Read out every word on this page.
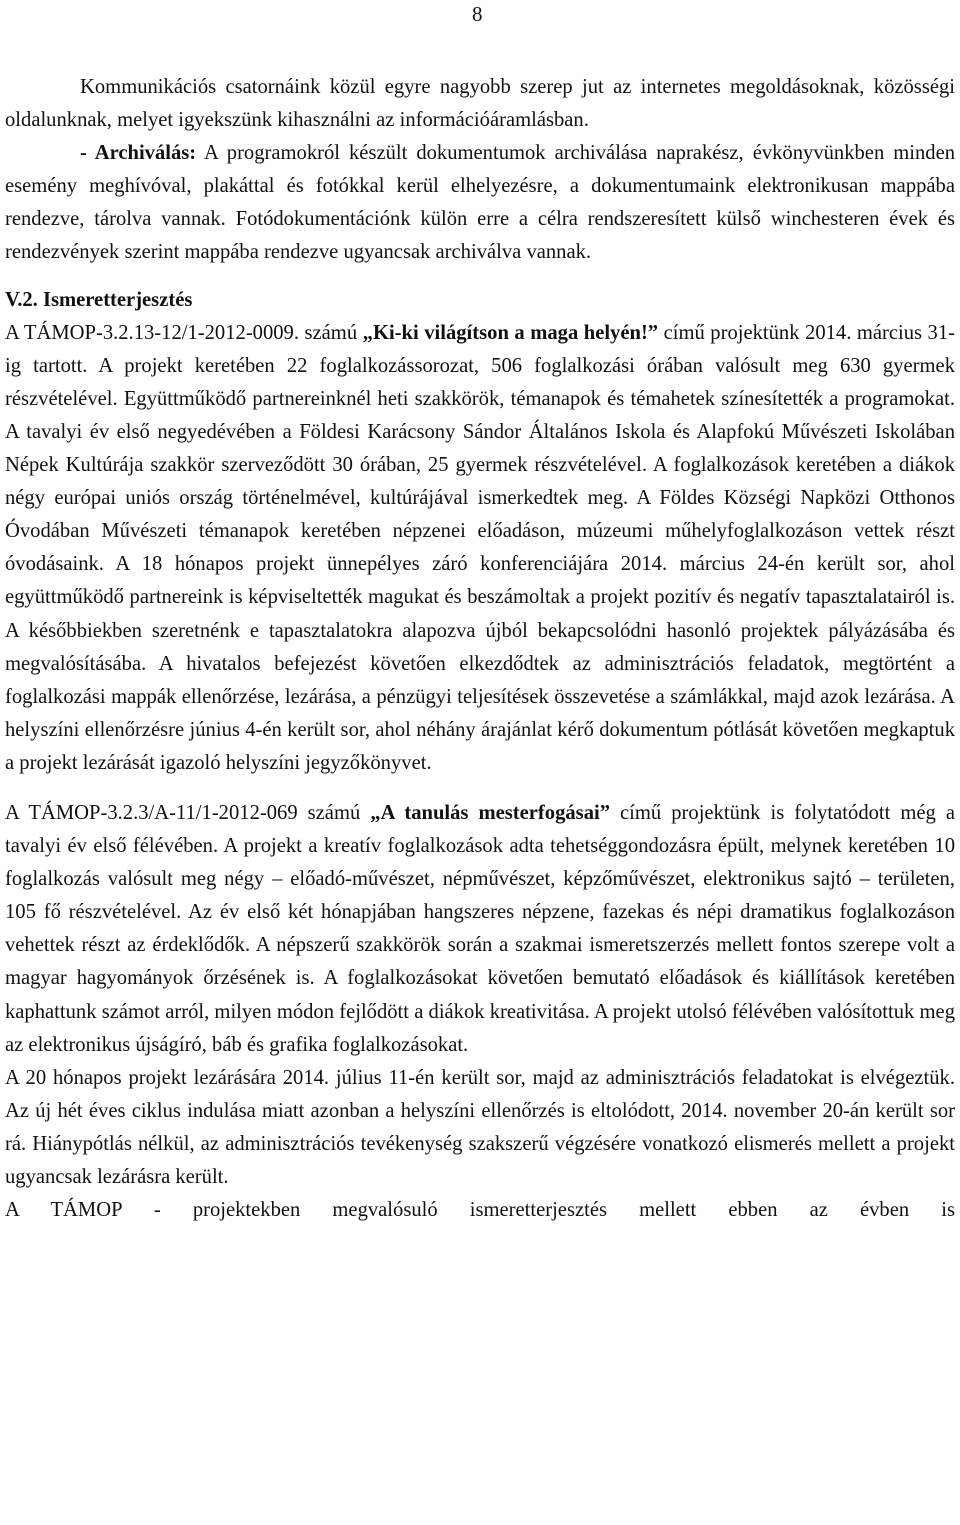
8

Kommunikációs csatornáink közül egyre nagyobb szerep jut az internetes megoldásoknak, közösségi oldalunknak, melyet igyekszünk kihasználni az információáramlásban.

- Archiválás: A programokról készült dokumentumok archiválása naprakész, évkönyvünkben minden esemény meghívóval, plakáttal és fotókkal kerül elhelyezésre, a dokumentumaink elektronikusan mappába rendezve, tárolva vannak. Fotódokumentációnk külön erre a célra rendszeresített külső winchesteren évek és rendezvények szerint mappába rendezve ugyancsak archiválva vannak.

V.2. Ismeretterjesztés

A TÁMOP-3.2.13-12/1-2012-0009. számú „Ki-ki világítson a maga helyén!” című projektünk 2014. március 31-ig tartott. A projekt keretében 22 foglalkozássorozat, 506 foglalkozási órában valósult meg 630 gyermek részvételével. Együttműködő partnereinknél heti szakkörök, témanapok és témahetek színesítették a programokat. A tavalyi év első negyedévében a Földesi Karácsony Sándor Általános Iskola és Alapfokú Művészeti Iskolában Népek Kultúrája szakkör szerveződött 30 órában, 25 gyermek részvételével. A foglalkozások keretében a diákok négy európai uniós ország történelmével, kultúrájával ismerkedtek meg. A Földes Községi Napközi Otthonos Óvodában Művészeti témanapok keretében népzenei előadáson, múzeumi műhelyfoglalkozáson vettek részt óvodásaink. A 18 hónapos projekt ünnepélyes záró konferenciájára 2014. március 24-én került sor, ahol együttműködő partnereink is képviseltették magukat és beszámoltak a projekt pozitív és negatív tapasztalatairól is. A későbbiekben szeretnénk e tapasztalatokra alapozva újból bekapcsolódni hasonló projektek pályázásába és megvalósításába. A hivatalos befejezést követően elkezdődtek az adminisztrációs feladatok, megtörtént a foglalkozási mappák ellenőrzése, lezárása, a pénzügyi teljesítések összevetése a számlákkal, majd azok lezárása. A helyszíni ellenőrzésre június 4-én került sor, ahol néhány árajánlat kérő dokumentum pótlását követően megkaptuk a projekt lezárását igazoló helyszíni jegyzőkönyvet.

A TÁMOP-3.2.3/A-11/1-2012-069 számú „A tanulás mesterfogásai” című projektünk is folytatódott még a tavalyi év első félévében. A projekt a kreatív foglalkozások adta tehetséggondozásra épült, melynek keretében 10 foglalkozás valósult meg négy – előadó-művészet, népművészet, képzőművészet, elektronikus sajtó – területen, 105 fő részvételével. Az év első két hónapjában hangszeres népzene, fazekas és népi dramatikus foglalkozáson vehettek részt az érdeklődők. A népszerű szakkörök során a szakmai ismeretszerzés mellett fontos szerepe volt a magyar hagyományok őrzésének is. A foglalkozásokat követően bemutató előadások és kiállítások keretében kaphattunk számot arról, milyen módon fejlődött a diákok kreativitása. A projekt utolsó félévében valósítottuk meg az elektronikus újságíró, báb és grafika foglalkozásokat.

A 20 hónapos projekt lezárására 2014. július 11-én került sor, majd az adminisztrációs feladatokat is elvégeztük. Az új hét éves ciklus indulása miatt azonban a helyszíni ellenőrzés is eltolódott, 2014. november 20-án került sor rá. Hiánypótlás nélkül, az adminisztrációs tevékenység szakszerű végzésére vonatkozó elismerés mellett a projekt ugyancsak lezárásra került.

A TÁMOP - projektekben megvalósuló ismeretterjesztés mellett ebben az évben is
